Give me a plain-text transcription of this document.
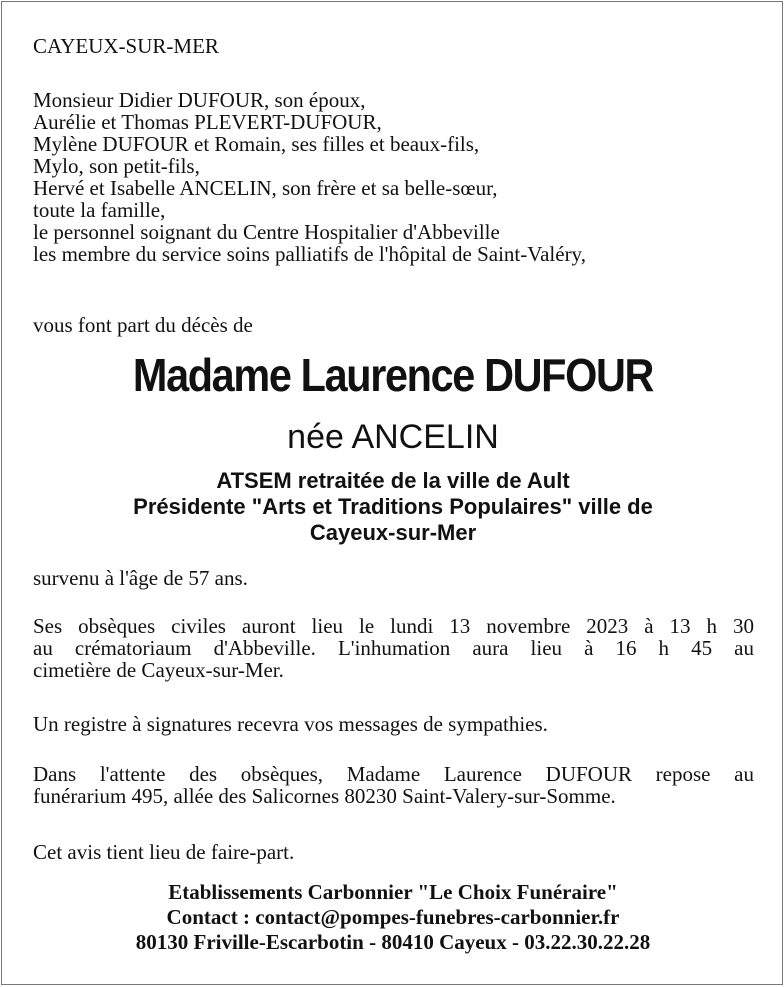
CAYEUX-SUR-MER
Monsieur Didier DUFOUR, son époux,
Aurélie et Thomas PLEVERT-DUFOUR,
Mylène DUFOUR et Romain, ses filles et beaux-fils,
Mylo, son petit-fils,
Hervé et Isabelle ANCELIN, son frère et sa belle-sœur,
toute la famille,
le personnel soignant du Centre Hospitalier d'Abbeville
les membre du service soins palliatifs de l'hôpital de Saint-Valéry,
vous font part du décès de
Madame Laurence DUFOUR
née ANCELIN
ATSEM retraitée de la ville de Ault
Présidente "Arts et Traditions Populaires" ville de
Cayeux-sur-Mer
survenu à l'âge de 57 ans.
Ses obsèques civiles auront lieu le lundi 13 novembre 2023 à 13 h 30
au crématoriaum d'Abbeville. L'inhumation aura lieu à 16 h 45 au
cimetière de Cayeux-sur-Mer.
Un registre à signatures recevra vos messages de sympathies.
Dans l'attente des obsèques, Madame Laurence DUFOUR repose au
funérarium 495, allée des Salicornes 80230 Saint-Valery-sur-Somme.
Cet avis tient lieu de faire-part.
Etablissements Carbonnier "Le Choix Funéraire"
Contact : contact@pompes-funebres-carbonnier.fr
80130 Friville-Escarbotin - 80410 Cayeux - 03.22.30.22.28
